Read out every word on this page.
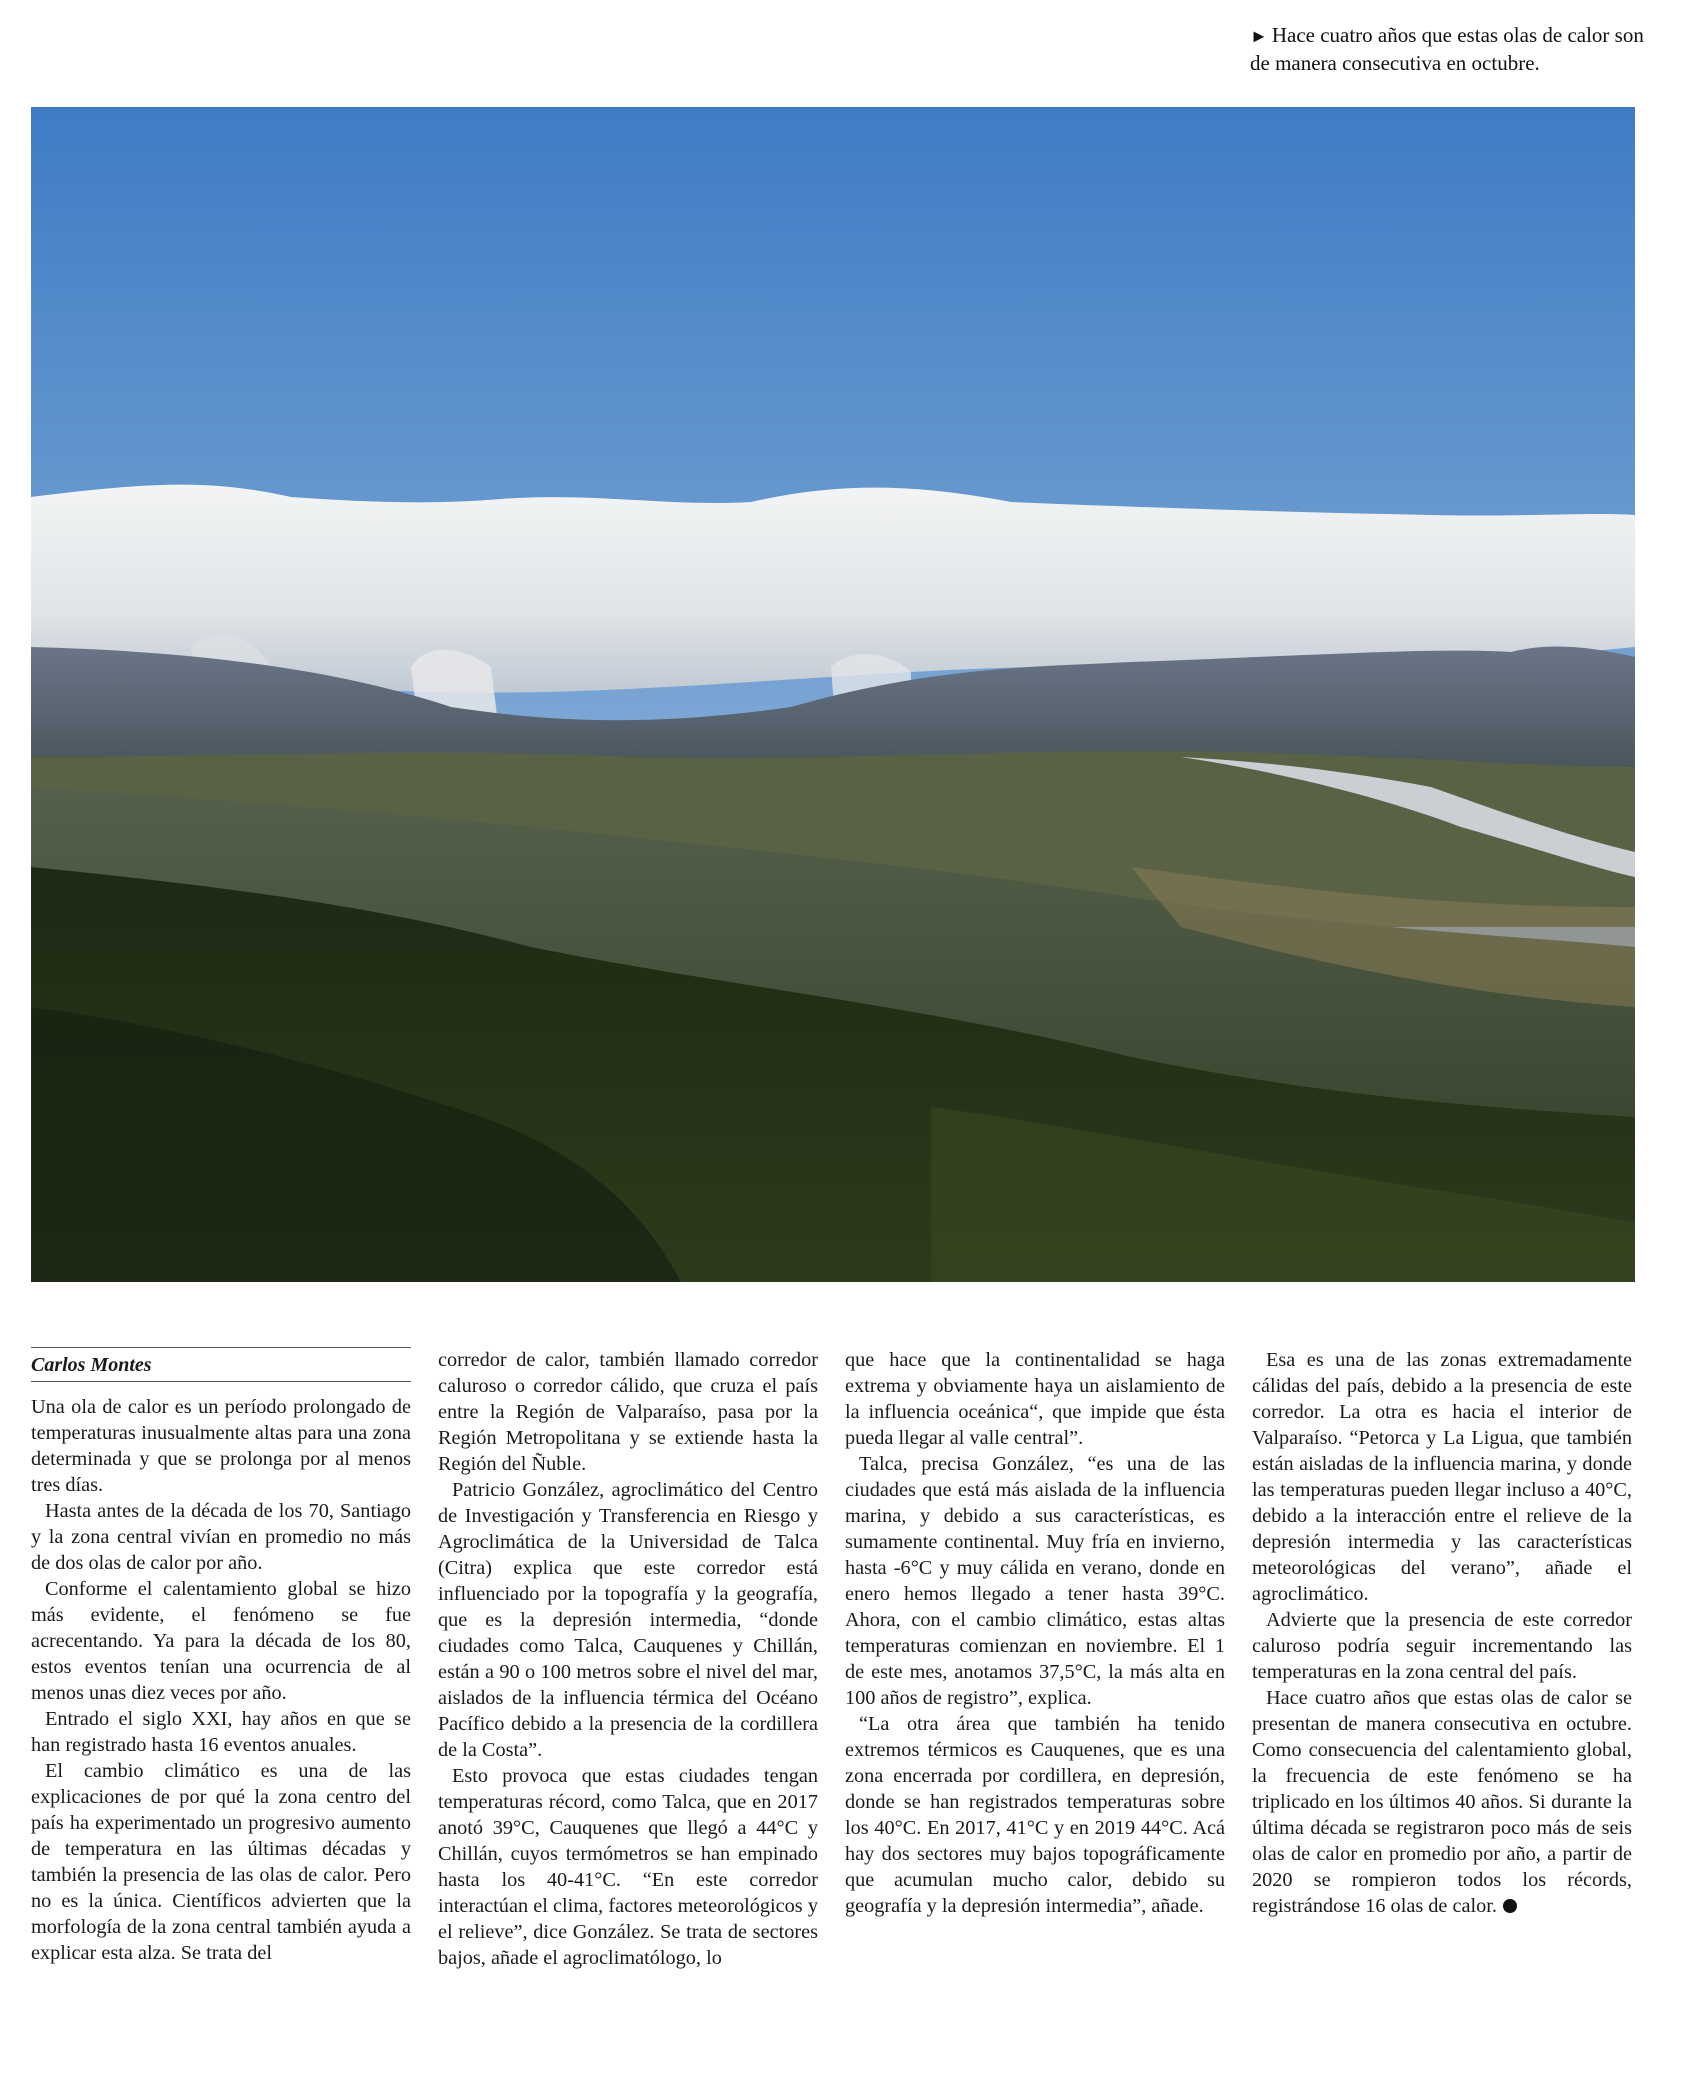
► Hace cuatro años que estas olas de calor son de manera consecutiva en octubre.
Carlos Montes

Una ola de calor es un período prolongado de temperaturas inusualmente altas para una zona determinada y que se prolonga por al menos tres días.

Hasta antes de la década de los 70, Santiago y la zona central vivían en promedio no más de dos olas de calor por año.

Conforme el calentamiento global se hizo más evidente, el fenómeno se fue acrecentando. Ya para la década de los 80, estos eventos tenían una ocurrencia de al menos unas diez veces por año.

Entrado el siglo XXI, hay años en que se han registrado hasta 16 eventos anuales.

El cambio climático es una de las explicaciones de por qué la zona centro del país ha experimentado un progresivo aumento de temperatura en las últimas décadas y también la presencia de las olas de calor. Pero no es la única. Científicos advierten que la morfología de la zona central también ayuda a explicar esta alza. Se trata del

corredor de calor, también llamado corredor caluroso o corredor cálido, que cruza el país entre la Región de Valparaíso, pasa por la Región Metropolitana y se extiende hasta la Región del Ñuble.

Patricio González, agroclimático del Centro de Investigación y Transferencia en Riesgo y Agroclimática de la Universidad de Talca (Citra) explica que este corredor está influenciado por la topografía y la geografía, que es la depresión intermedia, “donde ciudades como Talca, Cauquenes y Chillán, están a 90 o 100 metros sobre el nivel del mar, aislados de la influencia térmica del Océano Pacífico debido a la presencia de la cordillera de la Costa”.

Esto provoca que estas ciudades tengan temperaturas récord, como Talca, que en 2017 anotó 39°C, Cauquenes que llegó a 44°C y Chillán, cuyos termómetros se han empinado hasta los 40-41°C. “En este corredor interactúan el clima, factores meteorológicos y el relieve”, dice González. Se trata de sectores bajos, añade el agroclimatólogo, lo

que hace que la continentalidad se haga extrema y obviamente haya un aislamiento de la influencia oceánica“, que impide que ésta pueda llegar al valle central”.

Talca, precisa González, “es una de las ciudades que está más aislada de la influencia marina, y debido a sus características, es sumamente continental. Muy fría en invierno, hasta -6°C y muy cálida en verano, donde en enero hemos llegado a tener hasta 39°C. Ahora, con el cambio climático, estas altas temperaturas comienzan en noviembre. El 1 de este mes, anotamos 37,5°C, la más alta en 100 años de registro”, explica.

“La otra área que también ha tenido extremos térmicos es Cauquenes, que es una zona encerrada por cordillera, en depresión, donde se han registrados temperaturas sobre los 40°C. En 2017, 41°C y en 2019 44°C. Acá hay dos sectores muy bajos topográficamente que acumulan mucho calor, debido su geografía y la depresión intermedia”, añade.

Esa es una de las zonas extremadamente cálidas del país, debido a la presencia de este corredor. La otra es hacia el interior de Valparaíso. “Petorca y La Ligua, que también están aisladas de la influencia marina, y donde las temperaturas pueden llegar incluso a 40°C, debido a la interacción entre el relieve de la depresión intermedia y las características meteorológicas del verano”, añade el agroclimático.

Advierte que la presencia de este corredor caluroso podría seguir incrementando las temperaturas en la zona central del país.

Hace cuatro años que estas olas de calor se presentan de manera consecutiva en octubre. Como consecuencia del calentamiento global, la frecuencia de este fenómeno se ha triplicado en los últimos 40 años. Si durante la última década se registraron poco más de seis olas de calor en promedio por año, a partir de 2020 se rompieron todos los récords, registrándose 16 olas de calor.
